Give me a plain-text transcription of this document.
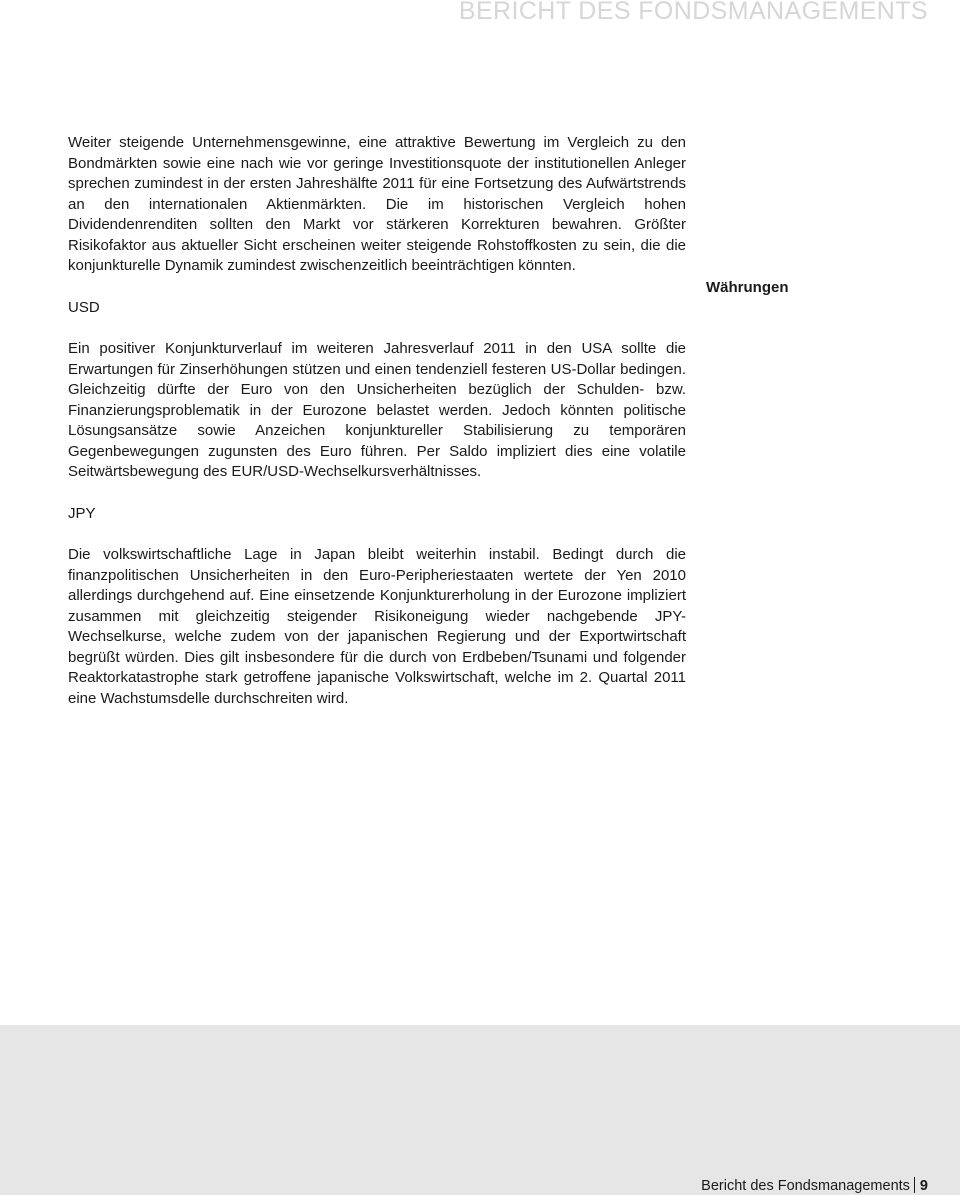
BERICHT DES FONDSMANAGEMENTS

Weiter steigende Unternehmensgewinne, eine attraktive Bewertung im Vergleich zu den Bondmärkten sowie eine nach wie vor geringe Investitionsquote der institutionellen Anleger sprechen zumindest in der ersten Jahreshälfte 2011 für eine Fortsetzung des Aufwärtstrends an den internationalen Aktienmärkten. Die im historischen Vergleich hohen Dividendenrenditen sollten den Markt vor stärkeren Korrekturen bewahren. Größter Risikofaktor aus aktueller Sicht erscheinen weiter steigende Rohstoffkosten zu sein, die die konjunkturelle Dynamik zumindest zwischenzeitlich beeinträchtigen könnten.

USD

Ein positiver Konjunkturverlauf im weiteren Jahresverlauf 2011 in den USA sollte die Erwartungen für Zinserhöhungen stützen und einen tendenziell festeren US-Dollar bedingen. Gleichzeitig dürfte der Euro von den Unsicherheiten bezüglich der Schulden- bzw. Finanzierungsproblematik in der Eurozone belastet werden. Jedoch könnten politische Lösungsansätze sowie Anzeichen konjunktureller Stabilisierung zu temporären Gegenbewegungen zugunsten des Euro führen. Per Saldo impliziert dies eine volatile Seitwärtsbewegung des EUR/USD-Wechselkursverhältnisses.

JPY

Die volkswirtschaftliche Lage in Japan bleibt weiterhin instabil. Bedingt durch die finanzpolitischen Unsicherheiten in den Euro-Peripheriestaaten wertete der Yen 2010 allerdings durchgehend auf. Eine einsetzende Konjunkturerholung in der Eurozone impliziert zusammen mit gleichzeitig steigender Risikoneigung wieder nachgebende JPY-Wechselkurse, welche zudem von der japanischen Regierung und der Exportwirtschaft begrüßt würden. Dies gilt insbesondere für die durch von Erdbeben/Tsunami und folgender Reaktorkatastrophe stark getroffene japanische Volkswirtschaft, welche im 2. Quartal 2011 eine Wachstumsdelle durchschreiten wird.

Währungen
Bericht des Fondsmanagements 9
